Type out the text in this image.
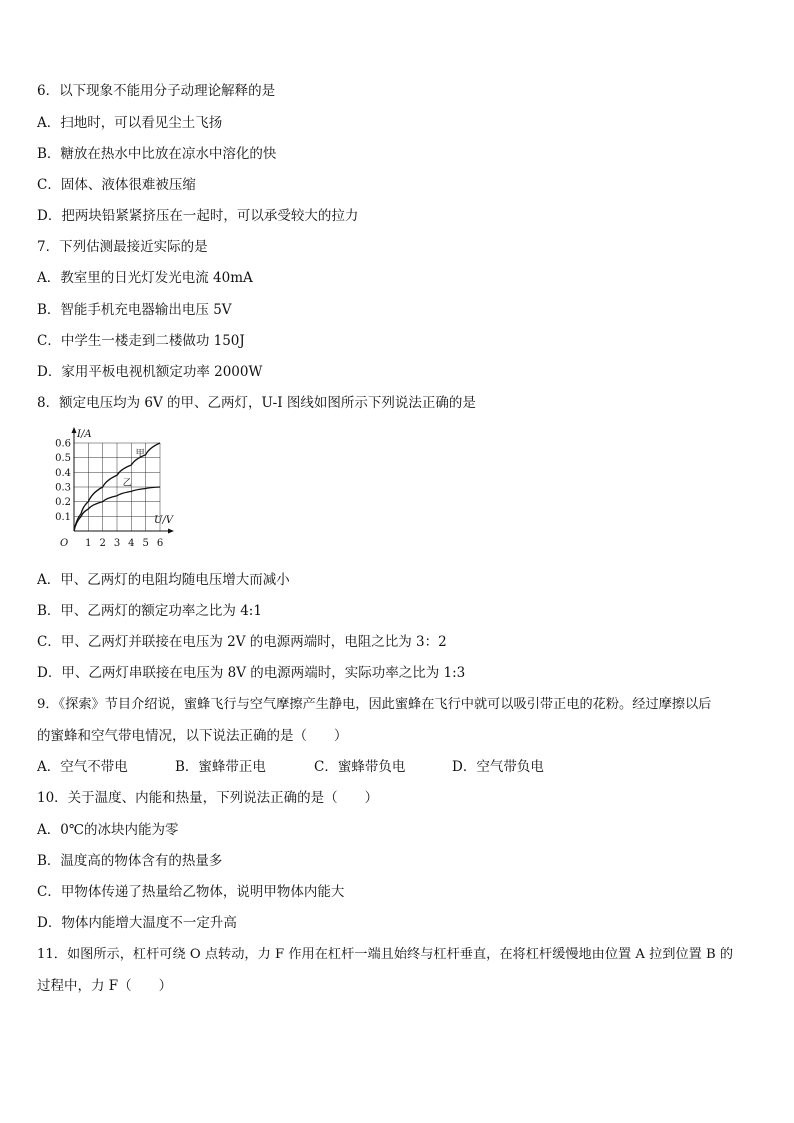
6．以下现象不能用分子动理论解释的是
A．扫地时，可以看见尘土飞扬
B．糖放在热水中比放在凉水中溶化的快
C．固体、液体很难被压缩
D．把两块铅紧紧挤压在一起时，可以承受较大的拉力
7．下列估测最接近实际的是
A．教室里的日光灯发光电流 40mA
B．智能手机充电器输出电压 5V
C．中学生一楼走到二楼做功 150J
D．家用平板电视机额定功率 2000W
8．额定电压均为 6V 的甲、乙两灯，U-I 图线如图所示下列说法正确的是
1 2 3 4 5 6
0.1
0.2
0.3
0.4
0.5
0.6
I/A
U/V
O
甲
乙
A．甲、乙两灯的电阻均随电压增大而减小
B．甲、乙两灯的额定功率之比为 4:1
C．甲、乙两灯并联接在电压为 2V 的电源两端时，电阻之比为 3：2
D．甲、乙两灯串联接在电压为 8V 的电源两端时，实际功率之比为 1:3
9．《探索》节目介绍说，蜜蜂飞行与空气摩擦产生静电，因此蜜蜂在飞行中就可以吸引带正电的花粉。经过摩擦以后
的蜜蜂和空气带电情况，以下说法正确的是（　　）
A．空气不带电	B．蜜蜂带正电	C．蜜蜂带负电	D．空气带负电
10．关于温度、内能和热量，下列说法正确的是（　　）
A．0℃的冰块内能为零
B．温度高的物体含有的热量多
C．甲物体传递了热量给乙物体，说明甲物体内能大
D．物体内能增大温度不一定升高
11．如图所示，杠杆可绕 O 点转动，力 F 作用在杠杆一端且始终与杠杆垂直，在将杠杆缓慢地由位置 A 拉到位置 B 的
过程中，力 F（　　）
